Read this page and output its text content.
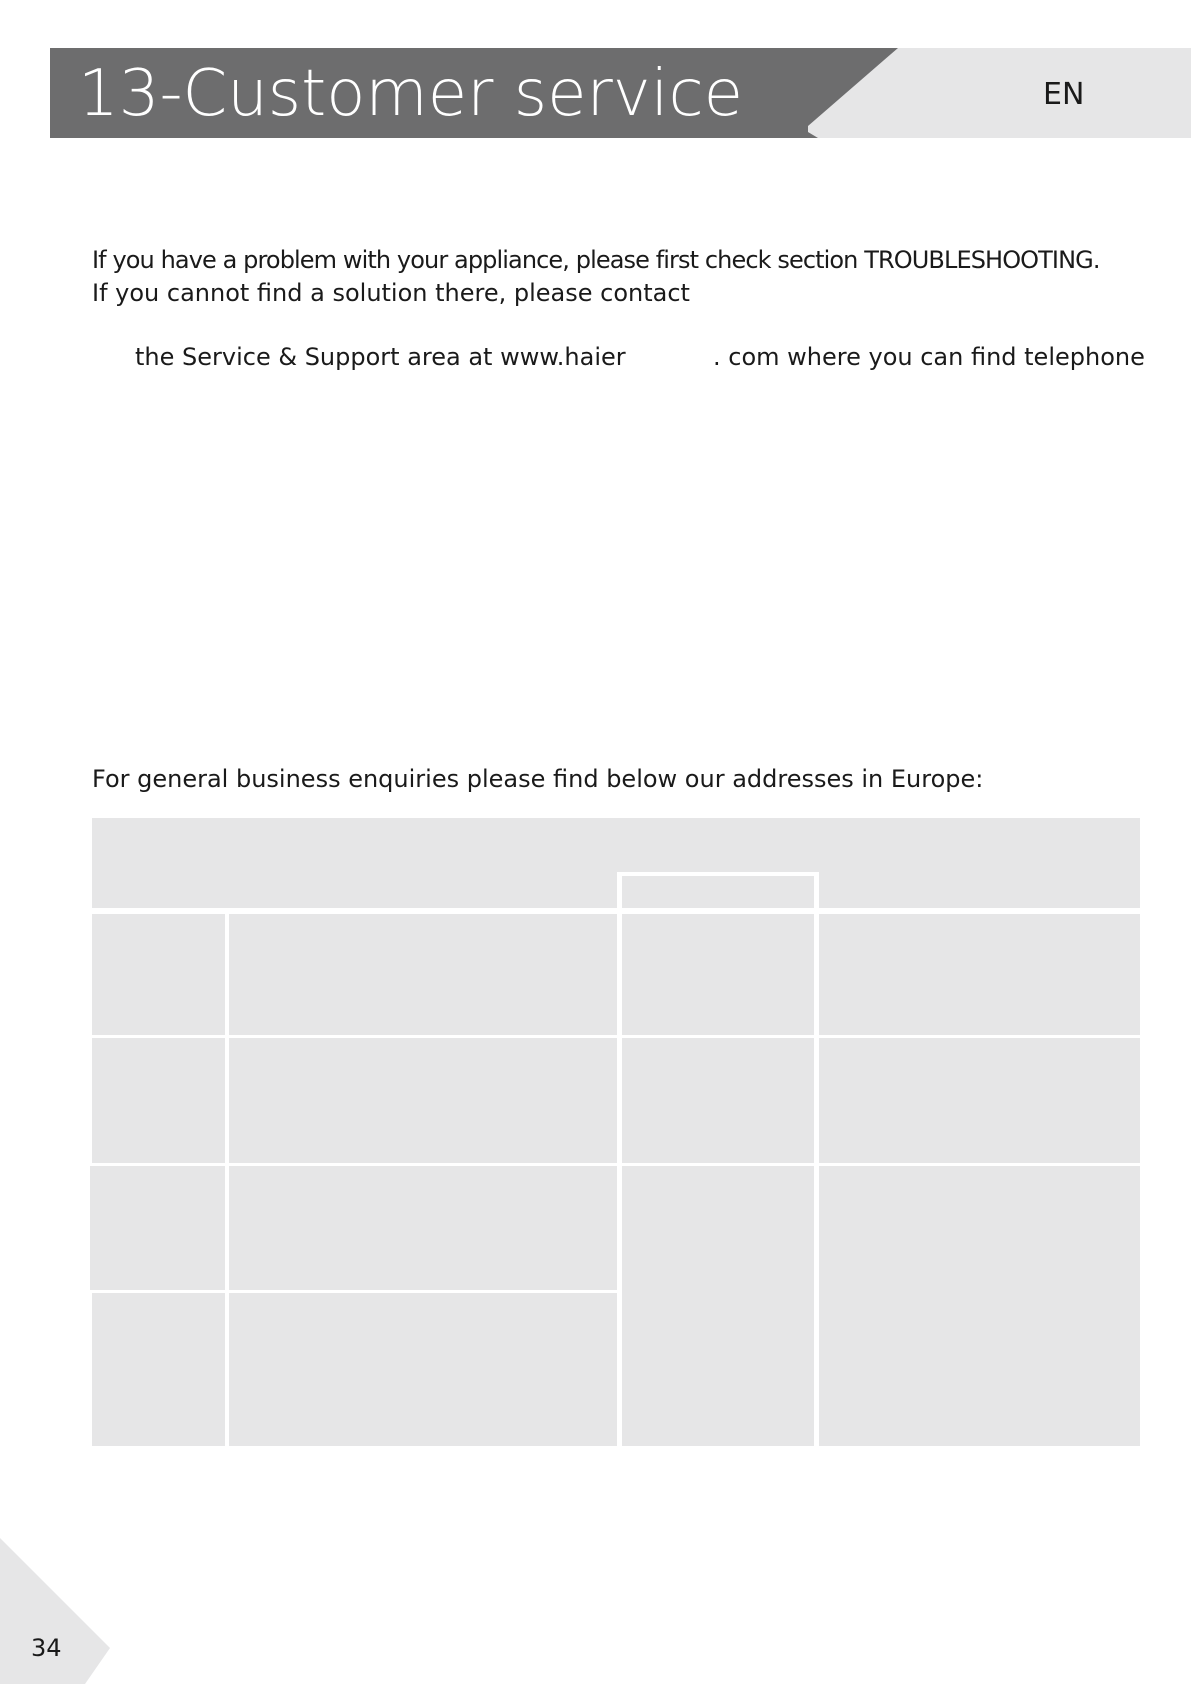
13-Customer service	EN

If you have a problem with your appliance, please first check section TROUBLESHOOTING.

If you cannot find a solution there, please contact

the Service & Support area at www.haier	. com where you can find telephone

For general business enquiries please find below our addresses in Europe:

34
